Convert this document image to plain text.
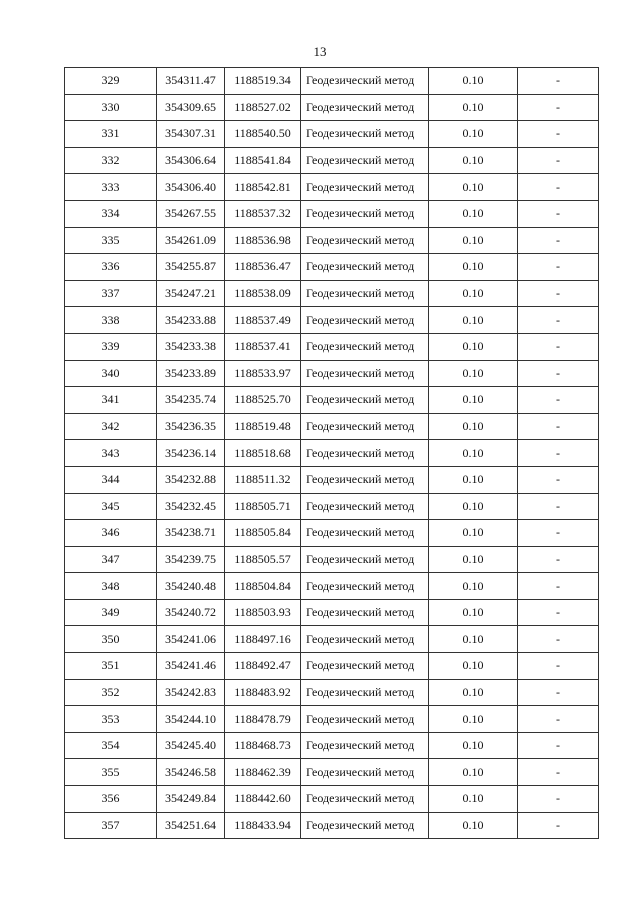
13
329	354311.47	1188519.34	Геодезический метод	0.10	-
330	354309.65	1188527.02	Геодезический метод	0.10	-
331	354307.31	1188540.50	Геодезический метод	0.10	-
332	354306.64	1188541.84	Геодезический метод	0.10	-
333	354306.40	1188542.81	Геодезический метод	0.10	-
334	354267.55	1188537.32	Геодезический метод	0.10	-
335	354261.09	1188536.98	Геодезический метод	0.10	-
336	354255.87	1188536.47	Геодезический метод	0.10	-
337	354247.21	1188538.09	Геодезический метод	0.10	-
338	354233.88	1188537.49	Геодезический метод	0.10	-
339	354233.38	1188537.41	Геодезический метод	0.10	-
340	354233.89	1188533.97	Геодезический метод	0.10	-
341	354235.74	1188525.70	Геодезический метод	0.10	-
342	354236.35	1188519.48	Геодезический метод	0.10	-
343	354236.14	1188518.68	Геодезический метод	0.10	-
344	354232.88	1188511.32	Геодезический метод	0.10	-
345	354232.45	1188505.71	Геодезический метод	0.10	-
346	354238.71	1188505.84	Геодезический метод	0.10	-
347	354239.75	1188505.57	Геодезический метод	0.10	-
348	354240.48	1188504.84	Геодезический метод	0.10	-
349	354240.72	1188503.93	Геодезический метод	0.10	-
350	354241.06	1188497.16	Геодезический метод	0.10	-
351	354241.46	1188492.47	Геодезический метод	0.10	-
352	354242.83	1188483.92	Геодезический метод	0.10	-
353	354244.10	1188478.79	Геодезический метод	0.10	-
354	354245.40	1188468.73	Геодезический метод	0.10	-
355	354246.58	1188462.39	Геодезический метод	0.10	-
356	354249.84	1188442.60	Геодезический метод	0.10	-
357	354251.64	1188433.94	Геодезический метод	0.10	-
